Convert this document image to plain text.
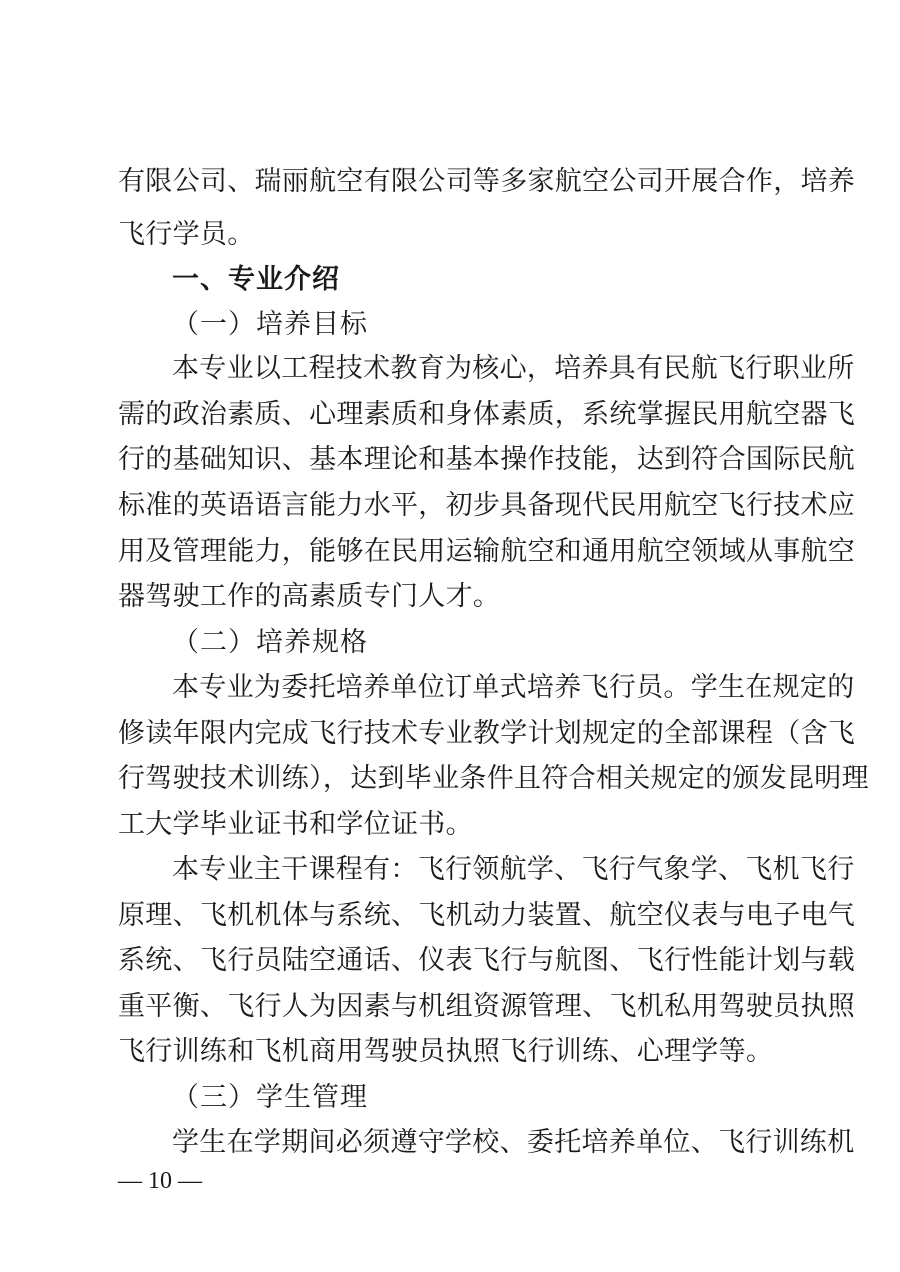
有限公司、瑞丽航空有限公司等多家航空公司开展合作，培养
飞行学员。
一、专业介绍
（一）培养目标
本专业以工程技术教育为核心，培养具有民航飞行职业所
需的政治素质、心理素质和身体素质，系统掌握民用航空器飞
行的基础知识、基本理论和基本操作技能，达到符合国际民航
标准的英语语言能力水平，初步具备现代民用航空飞行技术应
用及管理能力，能够在民用运输航空和通用航空领域从事航空
器驾驶工作的高素质专门人才。
（二）培养规格
本专业为委托培养单位订单式培养飞行员。学生在规定的
修读年限内完成飞行技术专业教学计划规定的全部课程（含飞
行驾驶技术训练），达到毕业条件且符合相关规定的颁发昆明理
工大学毕业证书和学位证书。
本专业主干课程有：飞行领航学、飞行气象学、飞机飞行
原理、飞机机体与系统、飞机动力装置、航空仪表与电子电气
系统、飞行员陆空通话、仪表飞行与航图、飞行性能计划与载
重平衡、飞行人为因素与机组资源管理、飞机私用驾驶员执照
飞行训练和飞机商用驾驶员执照飞行训练、心理学等。
（三）学生管理
学生在学期间必须遵守学校、委托培养单位、飞行训练机
— 10 —
